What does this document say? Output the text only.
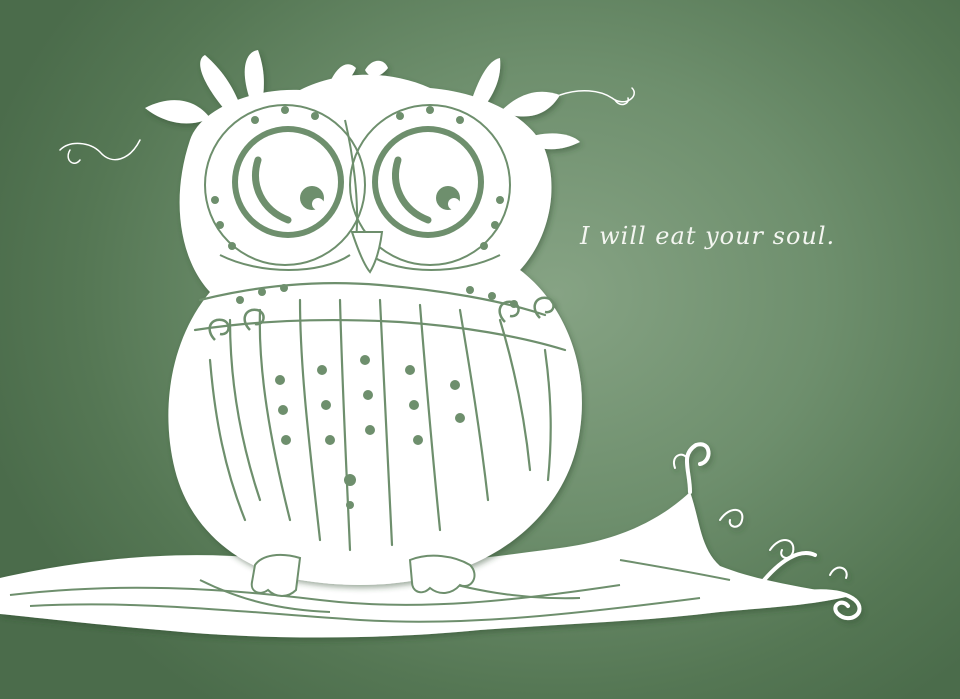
I will eat your soul.
